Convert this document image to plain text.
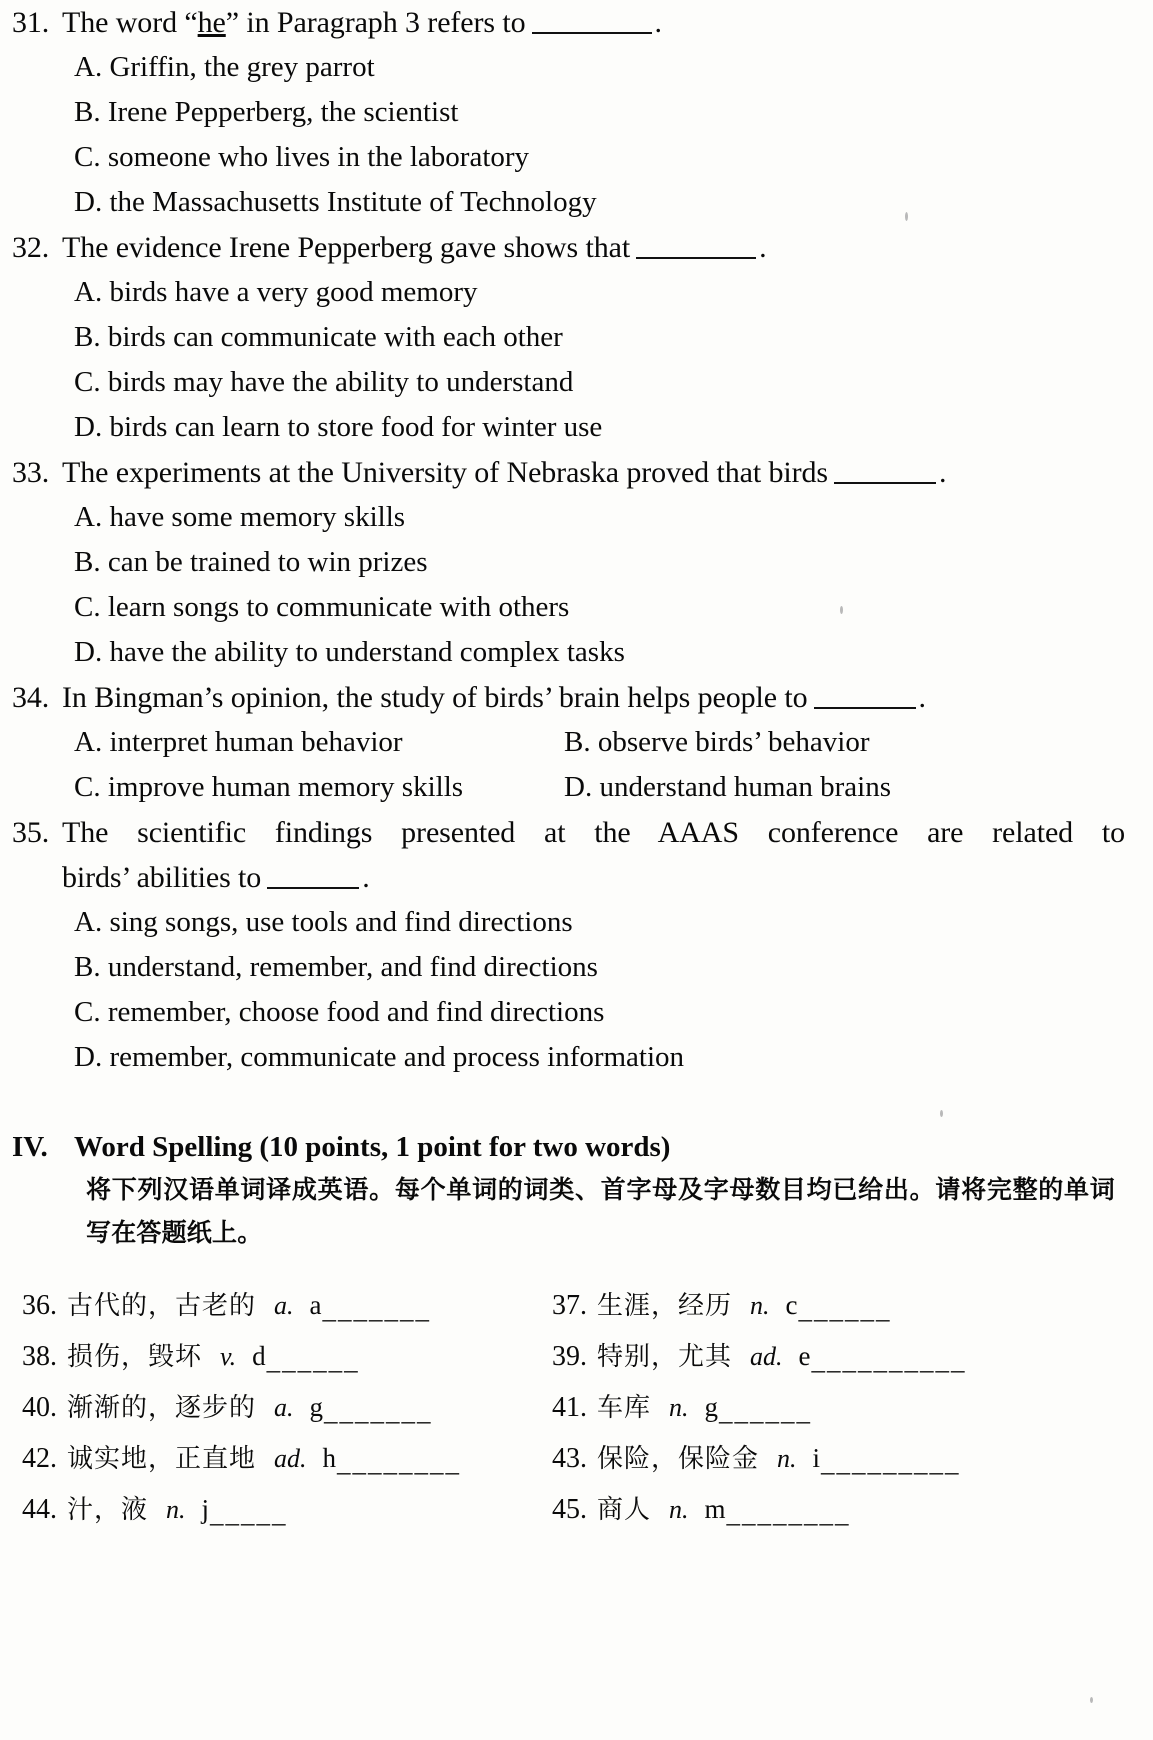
31. The word “he” in Paragraph 3 refers to	.
A. Griffin, the grey parrot
B. Irene Pepperberg, the scientist
C. someone who lives in the laboratory
D. the Massachusetts Institute of Technology
32. The evidence Irene Pepperberg gave shows that	.
A. birds have a very good memory
B. birds can communicate with each other
C. birds may have the ability to understand
D. birds can learn to store food for winter use
33. The experiments at the University of Nebraska proved that birds	.
A. have some memory skills
B. can be trained to win prizes
C. learn songs to communicate with others
D. have the ability to understand complex tasks
34. In Bingman’s opinion, the study of birds’ brain helps people to	.
A. interpret human behavior	B. observe birds’ behavior
C. improve human memory skills	D. understand human brains
35. The scientific findings presented at the AAAS conference are related to
birds’ abilities to	.
A. sing songs, use tools and find directions
B. understand, remember, and find directions
C. remember, choose food and find directions
D. remember, communicate and process information
IV. Word Spelling (10 points, 1 point for two words)
将下列汉语单词译成英语。每个单词的词类、首字母及字母数目均已给出。请将完整的单词写在答题纸上。
36. 古代的，古老的 a. a _______	37. 生涯，经历 n. c ______
38. 损伤，毁坏 v. d ______	39. 特别，尤其 ad. e __________
40. 渐渐的，逐步的 a. g _______	41. 车库 n. g ______
42. 诚实地，正直地 ad. h ________	43. 保险，保险金 n. i _________
44. 汁，液 n. j _____	45. 商人 n. m ________
